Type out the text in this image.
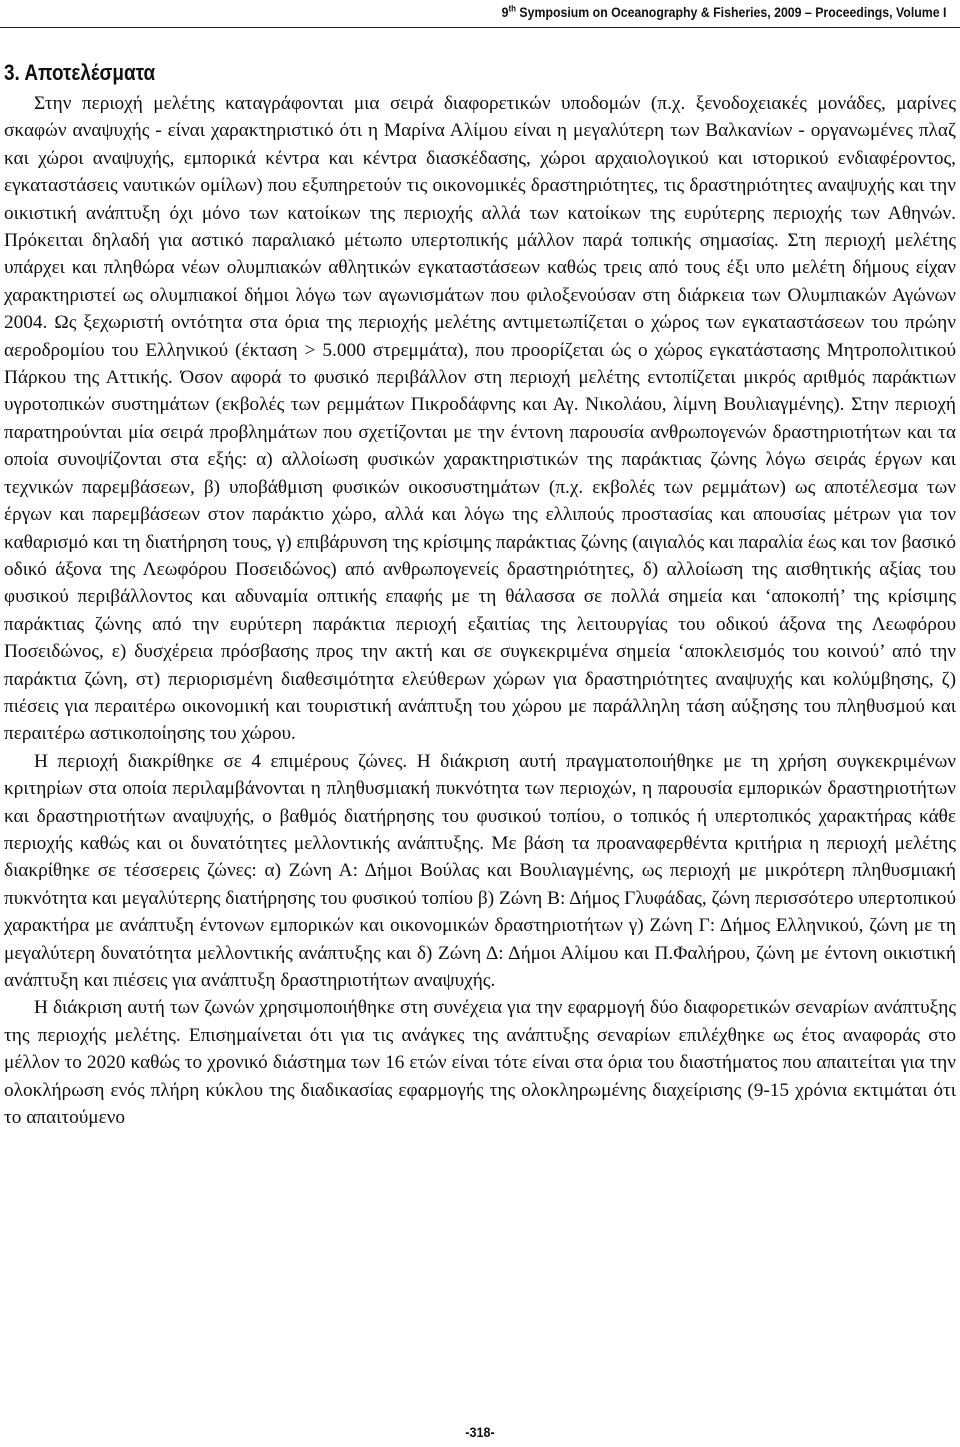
9th Symposium on Oceanography & Fisheries, 2009 – Proceedings, Volume I
3. Αποτελέσματα

Στην περιοχή μελέτης καταγράφονται μια σειρά διαφορετικών υποδομών (π.χ. ξενοδοχειακές μονάδες, μαρίνες σκαφών αναψυχής - είναι χαρακτηριστικό ότι η Μαρίνα Αλίμου είναι η μεγαλύτερη των Βαλκανίων - οργανωμένες πλαζ και χώροι αναψυχής, εμπορικά κέντρα και κέντρα διασκέδασης, χώροι αρχαιολογικού και ιστορικού ενδιαφέροντος, εγκαταστάσεις ναυτικών ομίλων) που εξυπηρετούν τις οικονομικές δραστηριότητες, τις δραστηριότητες αναψυχής και την οικιστική ανάπτυξη όχι μόνο των κατοίκων της περιοχής αλλά των κατοίκων της ευρύτερης περιοχής των Αθηνών. Πρόκειται δηλαδή για αστικό παραλιακό μέτωπο υπερτοπικής μάλλον παρά τοπικής σημασίας. Στη περιοχή μελέτης υπάρχει και πληθώρα νέων ολυμπιακών αθλητικών εγκαταστάσεων καθώς τρεις από τους έξι υπο μελέτη δήμους είχαν χαρακτηριστεί ως ολυμπιακοί δήμοι λόγω των αγωνισμάτων που φιλοξενούσαν στη διάρκεια των Ολυμπιακών Αγώνων 2004. Ως ξεχωριστή οντότητα στα όρια της περιοχής μελέτης αντιμετωπίζεται ο χώρος των εγκαταστάσεων του πρώην αεροδρομίου του Ελληνικού (έκταση > 5.000 στρεμμάτα), που προορίζεται ώς ο χώρος εγκατάστασης Μητροπολιτικού Πάρκου της Αττικής. Όσον αφορά το φυσικό περιβάλλον στη περιοχή μελέτης εντοπίζεται μικρός αριθμός παράκτιων υγροτοπικών συστημάτων (εκβολές των ρεμμάτων Πικροδάφνης και Αγ. Νικολάου, λίμνη Βουλιαγμένης). Στην περιοχή παρατηρούνται μία σειρά προβλημάτων που σχετίζονται με την έντονη παρουσία ανθρωπογενών δραστηριοτήτων και τα οποία συνοψίζονται στα εξής: α) αλλοίωση φυσικών χαρακτηριστικών της παράκτιας ζώνης λόγω σειράς έργων και τεχνικών παρεμβάσεων, β) υποβάθμιση φυσικών οικοσυστημάτων (π.χ. εκβολές των ρεμμάτων) ως αποτέλεσμα των έργων και παρεμβάσεων στον παράκτιο χώρο, αλλά και λόγω της ελλιπούς προστασίας και απουσίας μέτρων για τον καθαρισμό και τη διατήρηση τους, γ) επιβάρυνση της κρίσιμης παράκτιας ζώνης (αιγιαλός και παραλία έως και τον βασικό οδικό άξονα της Λεωφόρου Ποσειδώνος) από ανθρωπογενείς δραστηριότητες, δ) αλλοίωση της αισθητικής αξίας του φυσικού περιβάλλοντος και αδυναμία οπτικής επαφής με τη θάλασσα σε πολλά σημεία και ‘αποκοπή’ της κρίσιμης παράκτιας ζώνης από την ευρύτερη παράκτια περιοχή εξαιτίας της λειτουργίας του οδικού άξονα της Λεωφόρου Ποσειδώνος, ε) δυσχέρεια πρόσβασης προς την ακτή και σε συγκεκριμένα σημεία ‘αποκλεισμός του κοινού’ από την παράκτια ζώνη, στ) περιορισμένη διαθεσιμότητα ελεύθερων χώρων για δραστηριότητες αναψυχής και κολύμβησης, ζ) πιέσεις για περαιτέρω οικονομική και τουριστική ανάπτυξη του χώρου με παράλληλη τάση αύξησης του πληθυσμού και περαιτέρω αστικοποίησης του χώρου.

Η περιοχή διακρίθηκε σε 4 επιμέρους ζώνες. Η διάκριση αυτή πραγματοποιήθηκε με τη χρήση συγκεκριμένων κριτηρίων στα οποία περιλαμβάνονται η πληθυσμιακή πυκνότητα των περιοχών, η παρουσία εμπορικών δραστηριοτήτων και δραστηριοτήτων αναψυχής, ο βαθμός διατήρησης του φυσικού τοπίου, ο τοπικός ή υπερτοπικός χαρακτήρας κάθε περιοχής καθώς και οι δυνατότητες μελλοντικής ανάπτυξης. Με βάση τα προαναφερθέντα κριτήρια η περιοχή μελέτης διακρίθηκε σε τέσσερεις ζώνες: α) Ζώνη Α: Δήμοι Βούλας και Βουλιαγμένης, ως περιοχή με μικρότερη πληθυσμιακή πυκνότητα και μεγαλύτερης διατήρησης του φυσικού τοπίου β) Ζώνη Β: Δήμος Γλυφάδας, ζώνη περισσότερο υπερτοπικού χαρακτήρα με ανάπτυξη έντονων εμπορικών και οικονομικών δραστηριοτήτων γ) Ζώνη Γ: Δήμος Ελληνικού, ζώνη με τη μεγαλύτερη δυνατότητα μελλοντικής ανάπτυξης και δ) Ζώνη Δ: Δήμοι Αλίμου και Π.Φαλήρου, ζώνη με έντονη οικιστική ανάπτυξη και πιέσεις για ανάπτυξη δραστηριοτήτων αναψυχής.

Η διάκριση αυτή των ζωνών χρησιμοποιήθηκε στη συνέχεια για την εφαρμογή δύο διαφορετικών σεναρίων ανάπτυξης της περιοχής μελέτης. Επισημαίνεται ότι για τις ανάγκες της ανάπτυξης σεναρίων επιλέχθηκε ως έτος αναφοράς στο μέλλον το 2020 καθώς το χρονικό διάστημα των 16 ετών είναι τότε είναι στα όρια του διαστήματος που απαιτείται για την ολοκλήρωση ενός πλήρη κύκλου της διαδικασίας εφαρμογής της ολοκληρωμένης διαχείρισης (9-15 χρόνια εκτιμάται ότι το απαιτούμενο

-318-
